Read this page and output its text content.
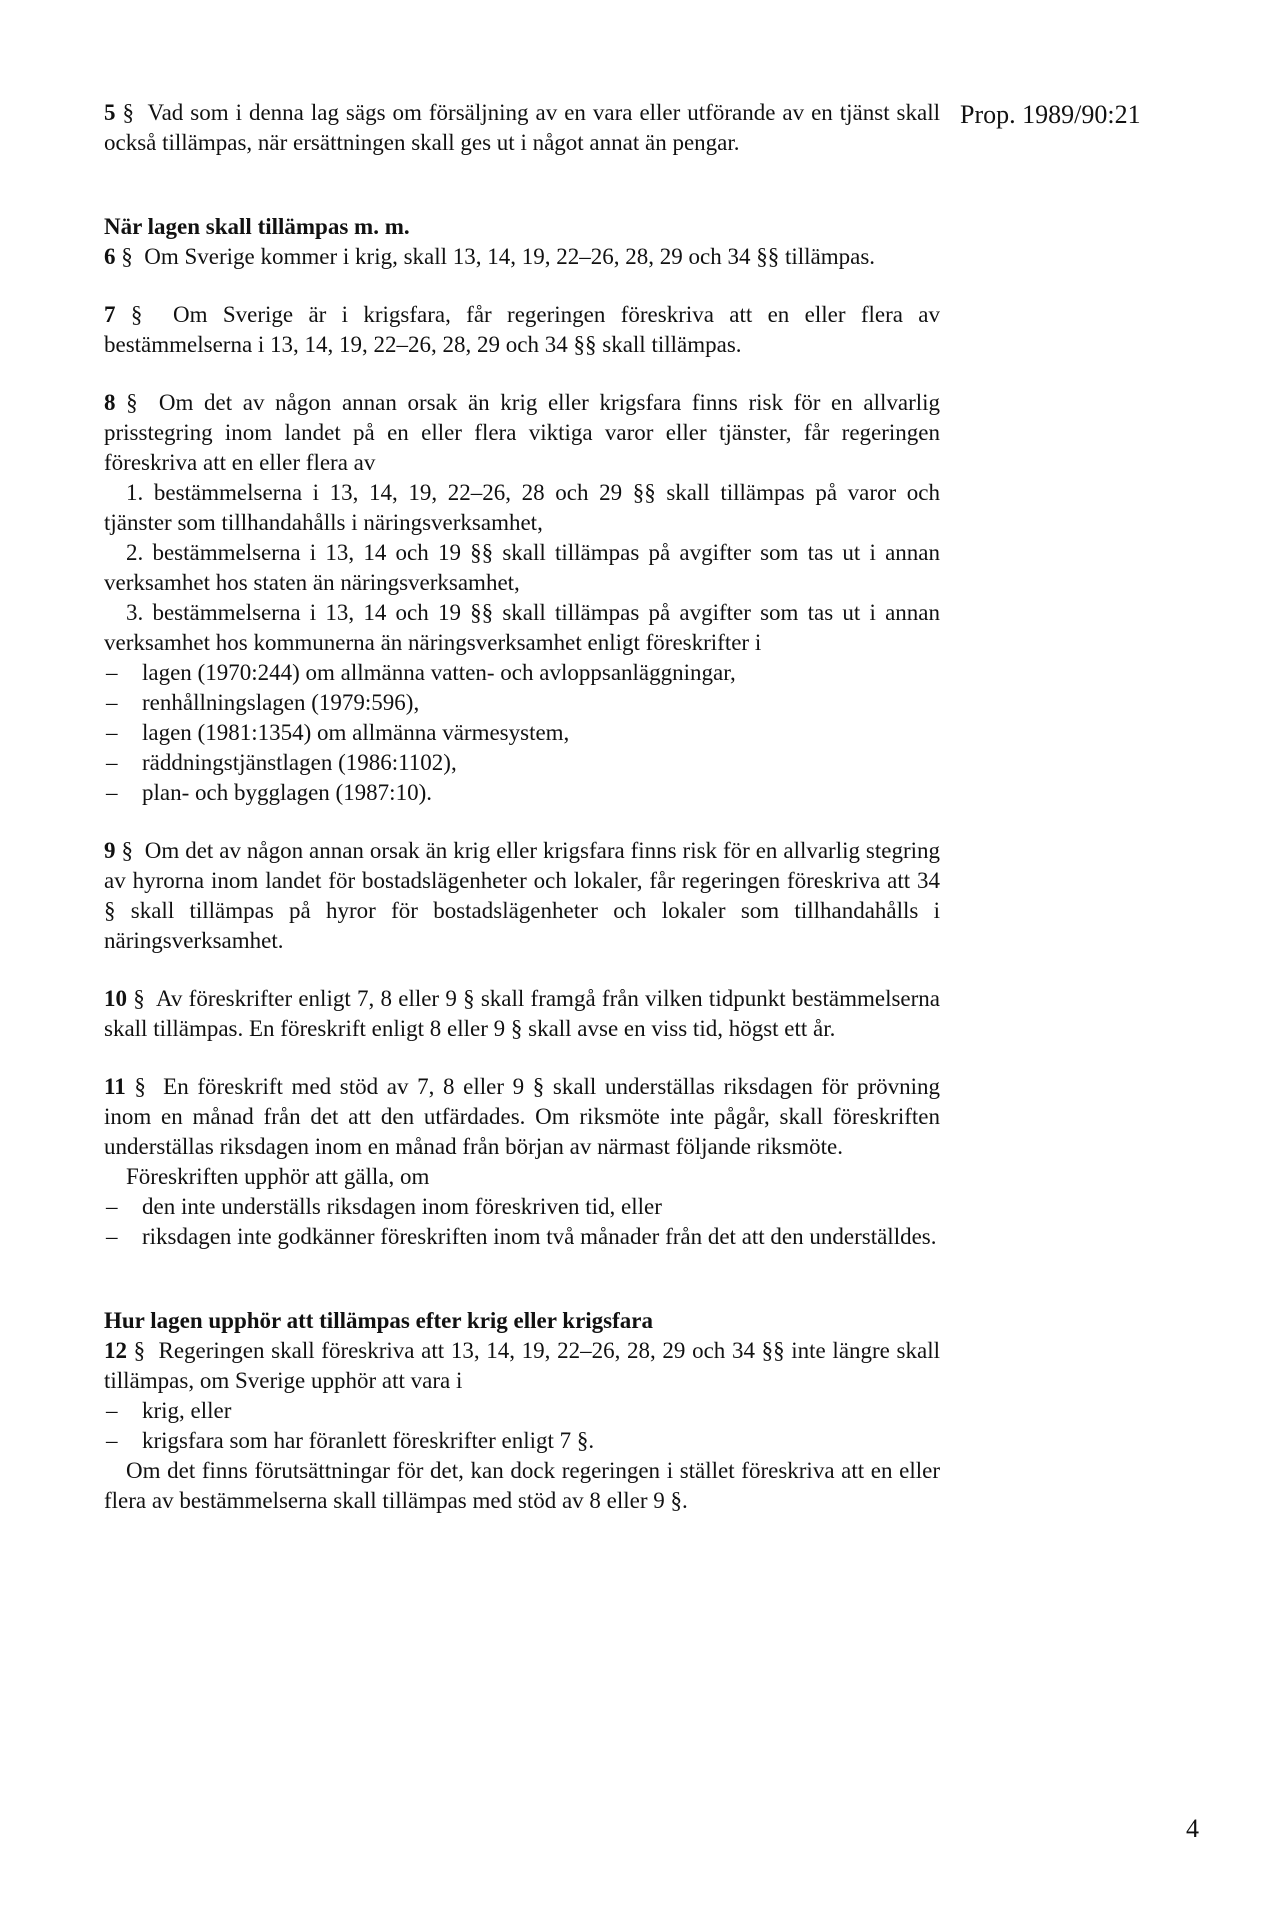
Prop. 1989/90:21

5 § Vad som i denna lag sägs om försäljning av en vara eller utförande av en tjänst skall också tillämpas, när ersättningen skall ges ut i något annat än pengar.

När lagen skall tillämpas m. m.

6 § Om Sverige kommer i krig, skall 13, 14, 19, 22–26, 28, 29 och 34 §§ tillämpas.

7 § Om Sverige är i krigsfara, får regeringen föreskriva att en eller flera av bestämmelserna i 13, 14, 19, 22–26, 28, 29 och 34 §§ skall tillämpas.

8 § Om det av någon annan orsak än krig eller krigsfara finns risk för en allvarlig prisstegring inom landet på en eller flera viktiga varor eller tjänster, får regeringen föreskriva att en eller flera av

1. bestämmelserna i 13, 14, 19, 22–26, 28 och 29 §§ skall tillämpas på varor och tjänster som tillhandahålls i näringsverksamhet,

2. bestämmelserna i 13, 14 och 19 §§ skall tillämpas på avgifter som tas ut i annan verksamhet hos staten än näringsverksamhet,

3. bestämmelserna i 13, 14 och 19 §§ skall tillämpas på avgifter som tas ut i annan verksamhet hos kommunerna än näringsverksamhet enligt föreskrifter i

– lagen (1970:244) om allmänna vatten- och avloppsanläggningar,

– renhållningslagen (1979:596),

– lagen (1981:1354) om allmänna värmesystem,

– räddningstjänstlagen (1986:1102),

– plan- och bygglagen (1987:10).

9 § Om det av någon annan orsak än krig eller krigsfara finns risk för en allvarlig stegring av hyrorna inom landet för bostadslägenheter och lokaler, får regeringen föreskriva att 34 § skall tillämpas på hyror för bostadslägenheter och lokaler som tillhandahålls i näringsverksamhet.

10 § Av föreskrifter enligt 7, 8 eller 9 § skall framgå från vilken tidpunkt bestämmelserna skall tillämpas. En föreskrift enligt 8 eller 9 § skall avse en viss tid, högst ett år.

11 § En föreskrift med stöd av 7, 8 eller 9 § skall underställas riksdagen för prövning inom en månad från det att den utfärdades. Om riksmöte inte pågår, skall föreskriften underställas riksdagen inom en månad från början av närmast följande riksmöte.

Föreskriften upphör att gälla, om

– den inte underställs riksdagen inom föreskriven tid, eller

– riksdagen inte godkänner föreskriften inom två månader från det att den underställdes.

Hur lagen upphör att tillämpas efter krig eller krigsfara

12 § Regeringen skall föreskriva att 13, 14, 19, 22–26, 28, 29 och 34 §§ inte längre skall tillämpas, om Sverige upphör att vara i

– krig, eller

– krigsfara som har föranlett föreskrifter enligt 7 §.

Om det finns förutsättningar för det, kan dock regeringen i stället föreskriva att en eller flera av bestämmelserna skall tillämpas med stöd av 8 eller 9 §.

4
